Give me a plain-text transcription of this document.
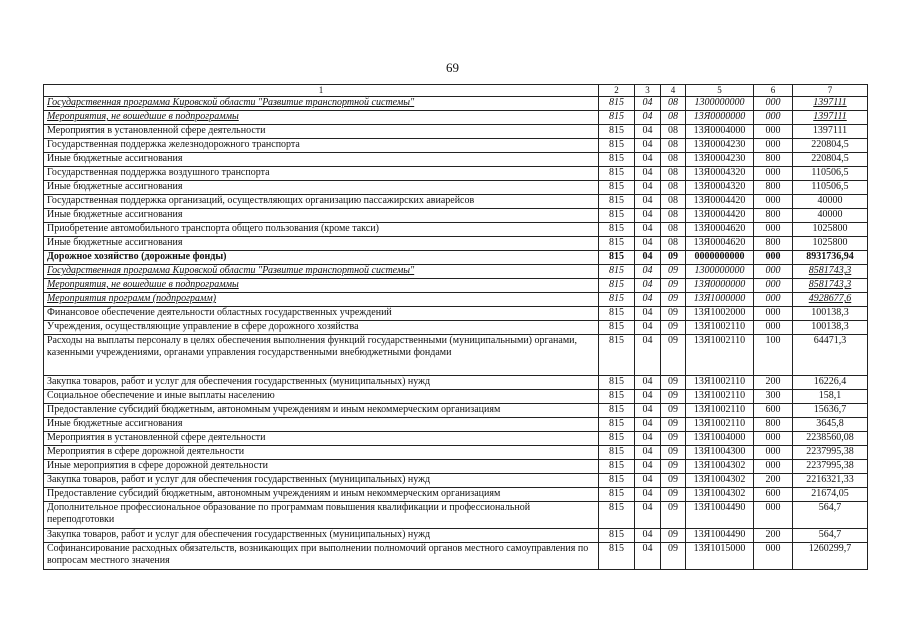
69
1	2	3	4	5	6	7
Государственная программа Кировской области "Развитие транспортной системы"	815	04	08	1300000000	000	1397111
Мероприятия, не вошедшие в подпрограммы	815	04	08	13Я0000000	000	1397111
Мероприятия в установленной сфере деятельности	815	04	08	13Я0004000	000	1397111
Государственная поддержка железнодорожного транспорта	815	04	08	13Я0004230	000	220804,5
Иные бюджетные ассигнования	815	04	08	13Я0004230	800	220804,5
Государственная поддержка воздушного транспорта	815	04	08	13Я0004320	000	110506,5
Иные бюджетные ассигнования	815	04	08	13Я0004320	800	110506,5
Государственная поддержка организаций, осуществляющих организацию пассажирских авиарейсов	815	04	08	13Я0004420	000	40000
Иные бюджетные ассигнования	815	04	08	13Я0004420	800	40000
Приобретение автомобильного транспорта общего пользования (кроме такси)	815	04	08	13Я0004620	000	1025800
Иные бюджетные ассигнования	815	04	08	13Я0004620	800	1025800
Дорожное хозяйство (дорожные фонды)	815	04	09	0000000000	000	8931736,94
Государственная программа Кировской области "Развитие транспортной системы"	815	04	09	1300000000	000	8581743,3
Мероприятия, не вошедшие в подпрограммы	815	04	09	13Я0000000	000	8581743,3
Мероприятия программ (подпрограмм)	815	04	09	13Я1000000	000	4928677,6
Финансовое обеспечение деятельности областных государственных учреждений	815	04	09	13Я1002000	000	100138,3
Учреждения, осуществляющие управление в сфере дорожного хозяйства	815	04	09	13Я1002110	000	100138,3
Расходы на выплаты персоналу в целях обеспечения выполнения функций государственными (муниципальными) органами, казенными учреждениями, органами управления государственными внебюджетными фондами	815	04	09	13Я1002110	100	64471,3
Закупка товаров, работ и услуг для обеспечения государственных (муниципальных) нужд	815	04	09	13Я1002110	200	16226,4
Социальное обеспечение и иные выплаты населению	815	04	09	13Я1002110	300	158,1
Предоставление субсидий бюджетным, автономным учреждениям и иным некоммерческим организациям	815	04	09	13Я1002110	600	15636,7
Иные бюджетные ассигнования	815	04	09	13Я1002110	800	3645,8
Мероприятия в установленной сфере деятельности	815	04	09	13Я1004000	000	2238560,08
Мероприятия в сфере дорожной деятельности	815	04	09	13Я1004300	000	2237995,38
Иные мероприятия в сфере дорожной деятельности	815	04	09	13Я1004302	000	2237995,38
Закупка товаров, работ и услуг для обеспечения государственных (муниципальных) нужд	815	04	09	13Я1004302	200	2216321,33
Предоставление субсидий бюджетным, автономным учреждениям и иным некоммерческим организациям	815	04	09	13Я1004302	600	21674,05
Дополнительное профессиональное образование по программам повышения квалификации и профессиональной переподготовки	815	04	09	13Я1004490	000	564,7
Закупка товаров, работ и услуг для обеспечения государственных (муниципальных) нужд	815	04	09	13Я1004490	200	564,7
Софинансирование расходных обязательств, возникающих при выполнении полномочий органов местного самоуправления по вопросам местного значения	815	04	09	13Я1015000	000	1260299,7
